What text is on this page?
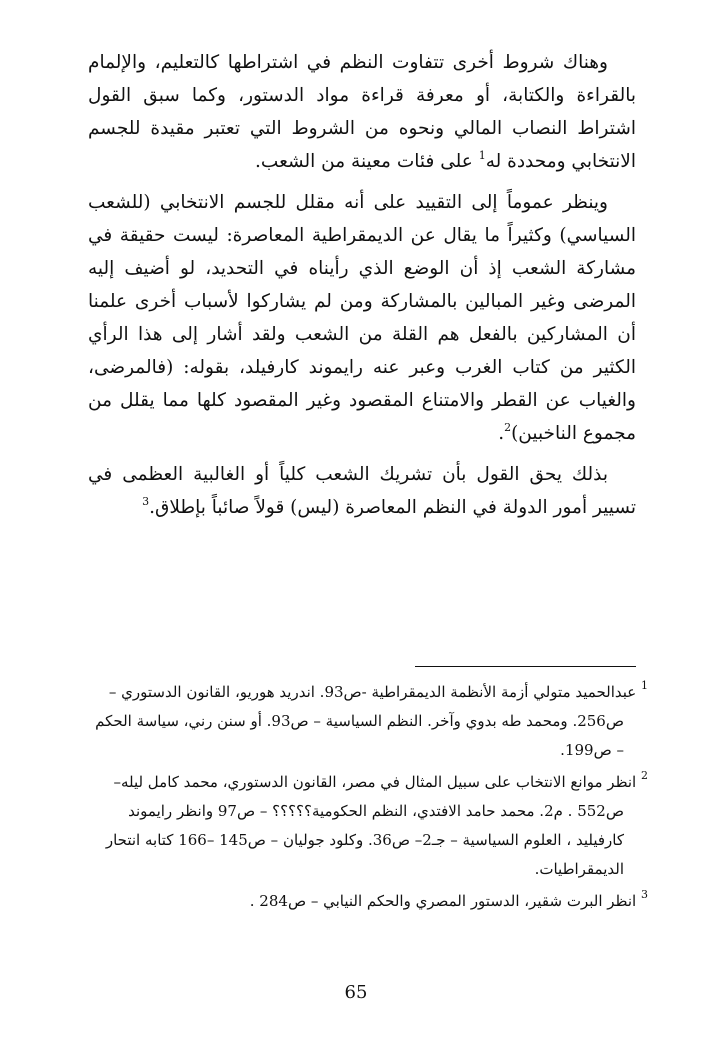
وهناك شروط أخرى تتفاوت النظم في اشتراطها كالتعليم، والإلمام بالقراءة والكتابة، أو معرفة قراءة مواد الدستور، وكما سبق القول اشتراط النصاب المالي ونحوه من الشروط التي تعتبر مقيدة للجسم الانتخابي ومحددة له$^1$ على فئات معينة من الشعب.

وينظر عموماً إلى التقييد على أنه مقلل للجسم الانتخابي (للشعب السياسي) وكثيراً ما يقال عن الديمقراطية المعاصرة: ليست حقيقة في مشاركة الشعب إذ أن الوضع الذي رأيناه في التحديد، لو أضيف إليه المرضى وغير المبالين بالمشاركة ومن لم يشاركوا لأسباب أخرى علمنا أن المشاركين بالفعل هم القلة من الشعب ولقد أشار إلى هذا الرأي الكثير من كتاب الغرب وعبر عنه رايموند كارفيلد، بقوله: (فالمرضى، والغياب عن القطر والامتناع المقصود وغير المقصود كلها مما يقلل من مجموع الناخبين)$^2$.

بذلك يحق القول بأن تشريك الشعب كلياً أو الغالبية العظمى في تسيير أمور الدولة في النظم المعاصرة (ليس) قولاً صائباً بإطلاق.$^3$

$^1$ عبدالحميد متولي أزمة الأنظمة الديمقراطية -ص93. اندريد هوريو، القانون الدستوري –
ص256. ومحمد طه بدوي وآخر. النظم السياسية – ص93. أو سنن رني، سياسة الحكم – ص199.

$^2$ انظر موانع الانتخاب على سبيل المثال في مصر، القانون الدستوري، محمد كامل ليله–
ص552 . م2. محمد حامد الافتدي، النظم الحكومية؟؟؟؟؟ – ص97 وانظر رايموند كارفيليد ، العلوم السياسية – جـ2– ص36. وكلود جوليان – ص145 –166 كتابه انتحار الديمقراطيات.

$^3$ انظر البرت شقير، الدستور المصري والحكم النيابي – ص284 .

65
